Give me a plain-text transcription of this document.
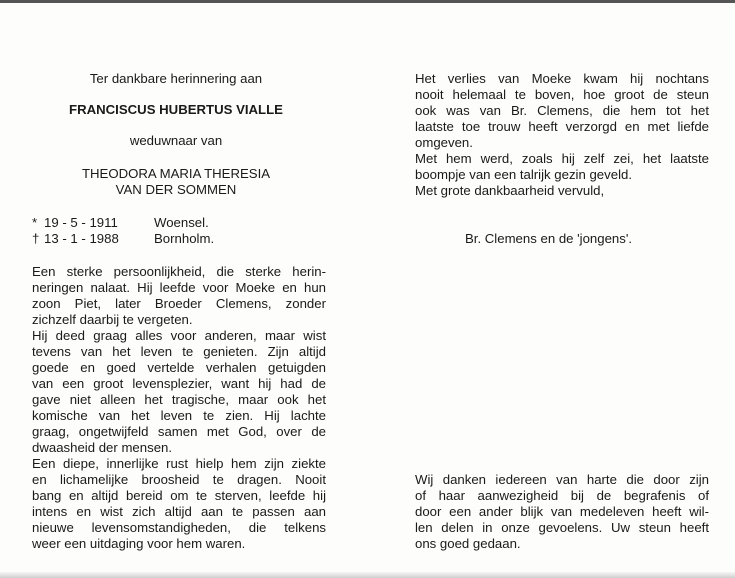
Ter dankbare herinnering aan
FRANCISCUS HUBERTUS VIALLE
weduwnaar van
THEODORA MARIA THERESIA
VAN DER SOMMEN
* 19 - 5 - 1911	Woensel.
† 13 - 1 - 1988	Bornholm.
Een sterke persoonlijkheid, die sterke herin-
neringen nalaat. Hij leefde voor Moeke en hun
zoon Piet, later Broeder Clemens, zonder
zichzelf daarbij te vergeten.
Hij deed graag alles voor anderen, maar wist
tevens van het leven te genieten. Zijn altijd
goede en goed vertelde verhalen getuigden
van een groot levensplezier, want hij had de
gave niet alleen het tragische, maar ook het
komische van het leven te zien. Hij lachte
graag, ongetwijfeld samen met God, over de
dwaasheid der mensen.
Een diepe, innerlijke rust hielp hem zijn ziekte
en lichamelijke broosheid te dragen. Nooit
bang en altijd bereid om te sterven, leefde hij
intens en wist zich altijd aan te passen aan
nieuwe levensomstandigheden, die telkens
weer een uitdaging voor hem waren.
Het verlies van Moeke kwam hij nochtans
nooit helemaal te boven, hoe groot de steun
ook was van Br. Clemens, die hem tot het
laatste toe trouw heeft verzorgd en met liefde
omgeven.
Met hem werd, zoals hij zelf zei, het laatste
boompje van een talrijk gezin geveld.
Met grote dankbaarheid vervuld,
Br. Clemens en de 'jongens'.
Wij danken iedereen van harte die door zijn
of haar aanwezigheid bij de begrafenis of
door een ander blijk van medeleven heeft wil-
len delen in onze gevoelens. Uw steun heeft
ons goed gedaan.
